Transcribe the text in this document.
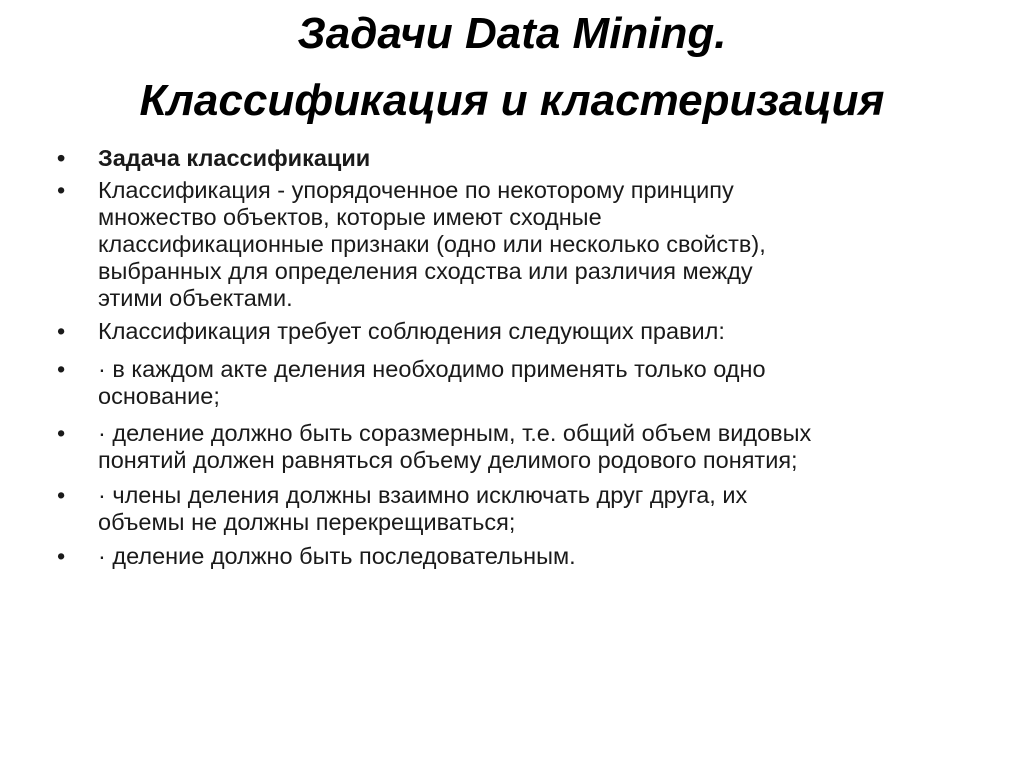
Задачи Data Mining.
Классификация и кластеризация
•	Задача классификации
•	Классификация - упорядоченное по некоторому принципу
множество объектов, которые имеют сходные
классификационные признаки (одно или несколько свойств),
выбранных для определения сходства или различия между
этими объектами.
•	Классификация требует соблюдения следующих правил:
•	· в каждом акте деления необходимо применять только одно
основание;
•	· деление должно быть соразмерным, т.е. общий объем видовых
понятий должен равняться объему делимого родового понятия;
•	· члены деления должны взаимно исключать друг друга, их
объемы не должны перекрещиваться;
•	· деление должно быть последовательным.
